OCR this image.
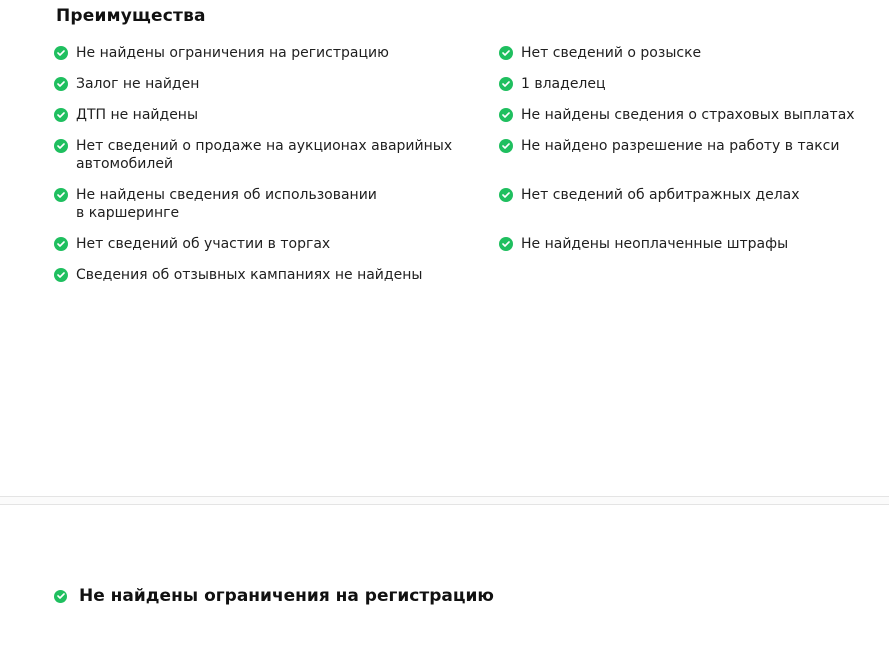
Преимущества
Не найдены ограничения на регистрацию
Залог не найден
ДТП не найдены
Нет сведений о продаже на аукционах аварийных
автомобилей
Не найдены сведения об использовании
в каршеринге
Нет сведений об участии в торгах
Сведения об отзывных кампаниях не найдены
Нет сведений о розыске
1 владелец
Не найдены сведения о страховых выплатах
Не найдено разрешение на работу в такси
Нет сведений об арбитражных делах
Не найдены неоплаченные штрафы
Не найдены ограничения на регистрацию
